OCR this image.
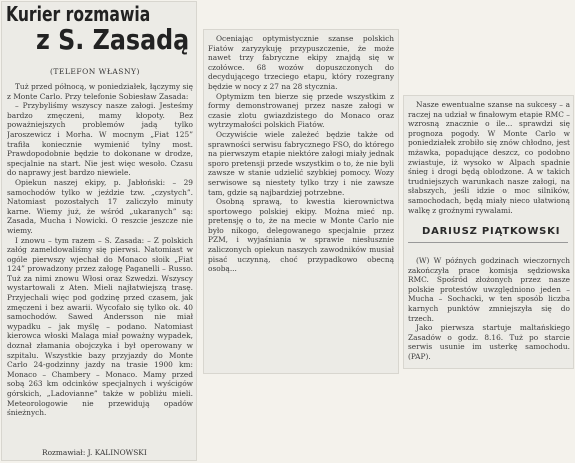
Kurier rozmawia
z S. Zasadą
(TELEFON WŁASNY)

Tuż przed północą, w poniedziałek, łączymy się z Monte Carlo. Przy telefonie Sobiesław Zasada:

– Przybyliśmy wszyscy nasze załogi. Jesteśmy bardzo zmęczeni, mamy kłopoty. Bez poważniejszych problemów jadą tylko Jaroszewicz i Morha. W mocnym „Fiat 125” trafiła koniecznie wymienić tylny most. Prawdopodobnie będzie to dokonane w drodze, specjalnie na start. Nie jest więc wesoło. Czasu do naprawy jest bardzo niewiele.

Opiekun naszej ekipy, p. Jabłoński: – 29 samochodów tylko w jeździe tzw. „czystych”. Natomiast pozostałych 17 zaliczyło minuty karne. Wiemy już, że wśród „ukaranych” są: Zasada, Mucha i Nowicki. O reszcie jeszcze nie wiemy.

I znowu – tym razem – S. Zasada: – Z polskich załóg zameldowaliśmy się pierwsi. Natomiast w ogóle pierwszy wjechał do Monaco słoik „Fiat 124” prowadzony przez załogę Paganelli – Russo. Tuż za nimi znowu Włosi oraz Szwedzi. Wszyscy wystartowali z Aten. Mieli najłatwiejszą trasę. Przyjechali więc pod godzinę przed czasem, jak zmęczeni i bez awarii. Wycofało się tylko ok. 40 samochodów. Sawed Andersson nie miał wypadku – jak myślę – podano. Natomiast kierowca włoski Malaga miał poważny wypadek, doznał złamania obojczyka i był operowany w szpitalu. Wszystkie bazy przyjazdy do Monte Carlo 24-godzinny jazdy na trasie 1900 km: Monaco – Chambery – Monaco. Mamy przed sobą 263 km odcinków specjalnych i wyścigów górskich, „Ladovianne” także w pobliżu mieli. Meteorologowie nie przewidują opadów śnieżnych.

Rozmawiał: J. KALINOWSKI

Oceniając optymistycznie szanse polskich Fiatów zaryzykuję przypuszczenie, że może nawet trzy fabryczne ekipy znajdą się w czołówce. 68 wozów dopuszczonych do decydującego trzeciego etapu, który rozegrany będzie w nocy z 27 na 28 stycznia.

Optymizm ten bierze się przede wszystkim z formy demonstrowanej przez nasze załogi w czasie zlotu gwiazdzistego do Monaco oraz wytrzymałości polskich Fiatów.

Oczywiście wiele zależeć będzie także od sprawności serwisu fabrycznego FSO, do którego na pierwszym etapie niektóre załogi miały jednak sporo pretensji przede wszystkim o to, że nie byli zawsze w stanie udzielić szybkiej pomocy. Wozy serwisowe są niestety tylko trzy i nie zawsze tam, gdzie są najbardziej potrzebne.

Osobną sprawą, to kwestia kierownictwa sportowego polskiej ekipy. Można mieć np. pretensję o to, że na mecie w Monte Carlo nie było nikogo, delegowanego specjalnie przez PZM, i wyjaśniania w sprawie niesłusznie zaliczonych opiekun naszych zawodników musiał pisać uczynną, choć przypadkowo obecną osobą...

Nasze ewentualne szanse na sukcesy – a raczej na udział w finałowym etapie RMC – wzrosną znacznie o ile... sprawdzi się prognoza pogody. W Monte Carlo w poniedziałek zrobiło się znów chłodno, jest mżawka, popadujące deszcz, co podobno zwiastuje, iż wysoko w Alpach spadnie śnieg i drogi będą oblodzone. A w takich trudniejszych warunkach nasze załogi, na słabszych, jeśli idzie o moc silników, samochodach, będą miały nieco ułatwioną walkę z groźnymi rywalami.

DARIUSZ PIĄTKOWSKI

(W) W późnych godzinach wieczornych zakończyła prace komisja sędziowska RMC. Spośród złożonych przez nasze polskie protestów uwzględniono jeden – Mucha – Sochacki, w ten sposób liczba karnych punktów zmniejszyła się do trzech.

Jako pierwsza startuje maltańskiego Zasadów o godz. 8.16. Tuż po starcie serwis usunie im usterkę samochodu. (PAP).
